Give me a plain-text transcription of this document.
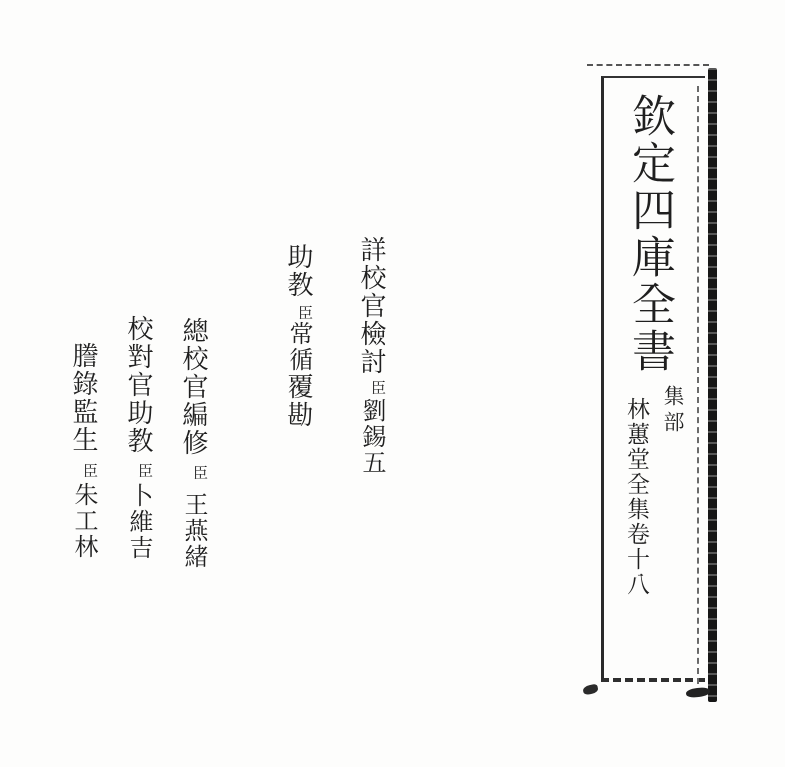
詳校官檢討臣劉錫五
助教臣常循覆勘
總校官編修臣王燕緒
校對官助教臣卜維吉
謄錄監生臣朱工林
欽定四庫全書
集部
林蕙堂全集卷十八
